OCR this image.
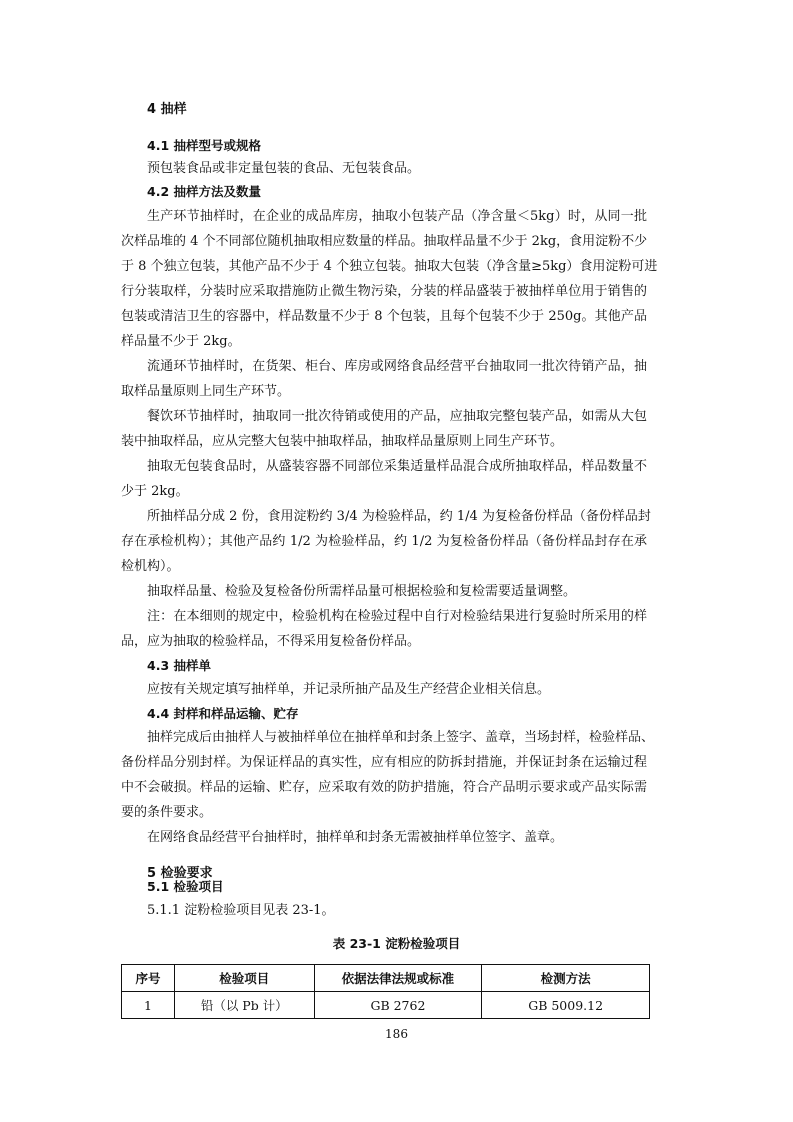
4 抽样
4.1 抽样型号或规格
预包装食品或非定量包装的食品、无包装食品。
4.2 抽样方法及数量
生产环节抽样时，在企业的成品库房，抽取小包装产品（净含量＜5kg）时，从同一批
次样品堆的 4 个不同部位随机抽取相应数量的样品。抽取样品量不少于 2kg，食用淀粉不少
于 8 个独立包装，其他产品不少于 4 个独立包装。抽取大包装（净含量≥5kg）食用淀粉可进
行分装取样，分装时应采取措施防止微生物污染，分装的样品盛装于被抽样单位用于销售的
包装或清洁卫生的容器中，样品数量不少于 8 个包装，且每个包装不少于 250g。其他产品
样品量不少于 2kg。
流通环节抽样时，在货架、柜台、库房或网络食品经营平台抽取同一批次待销产品，抽
取样品量原则上同生产环节。
餐饮环节抽样时，抽取同一批次待销或使用的产品，应抽取完整包装产品，如需从大包
装中抽取样品，应从完整大包装中抽取样品，抽取样品量原则上同生产环节。
抽取无包装食品时，从盛装容器不同部位采集适量样品混合成所抽取样品，样品数量不
少于 2kg。
所抽样品分成 2 份，食用淀粉约 3/4 为检验样品，约 1/4 为复检备份样品（备份样品封
存在承检机构）；其他产品约 1/2 为检验样品，约 1/2 为复检备份样品（备份样品封存在承
检机构）。
抽取样品量、检验及复检备份所需样品量可根据检验和复检需要适量调整。
注：在本细则的规定中，检验机构在检验过程中自行对检验结果进行复验时所采用的样
品，应为抽取的检验样品，不得采用复检备份样品。
4.3 抽样单
应按有关规定填写抽样单，并记录所抽产品及生产经营企业相关信息。
4.4 封样和样品运输、贮存
抽样完成后由抽样人与被抽样单位在抽样单和封条上签字、盖章，当场封样，检验样品、
备份样品分别封样。为保证样品的真实性，应有相应的防拆封措施，并保证封条在运输过程
中不会破损。样品的运输、贮存，应采取有效的防护措施，符合产品明示要求或产品实际需
要的条件要求。
在网络食品经营平台抽样时，抽样单和封条无需被抽样单位签字、盖章。
5 检验要求
5.1 检验项目
5.1.1 淀粉检验项目见表 23-1。
表 23-1 淀粉检验项目
序号	检验项目	依据法律法规或标准	检测方法
1	铅（以 Pb 计）	GB 2762	GB 5009.12
186
